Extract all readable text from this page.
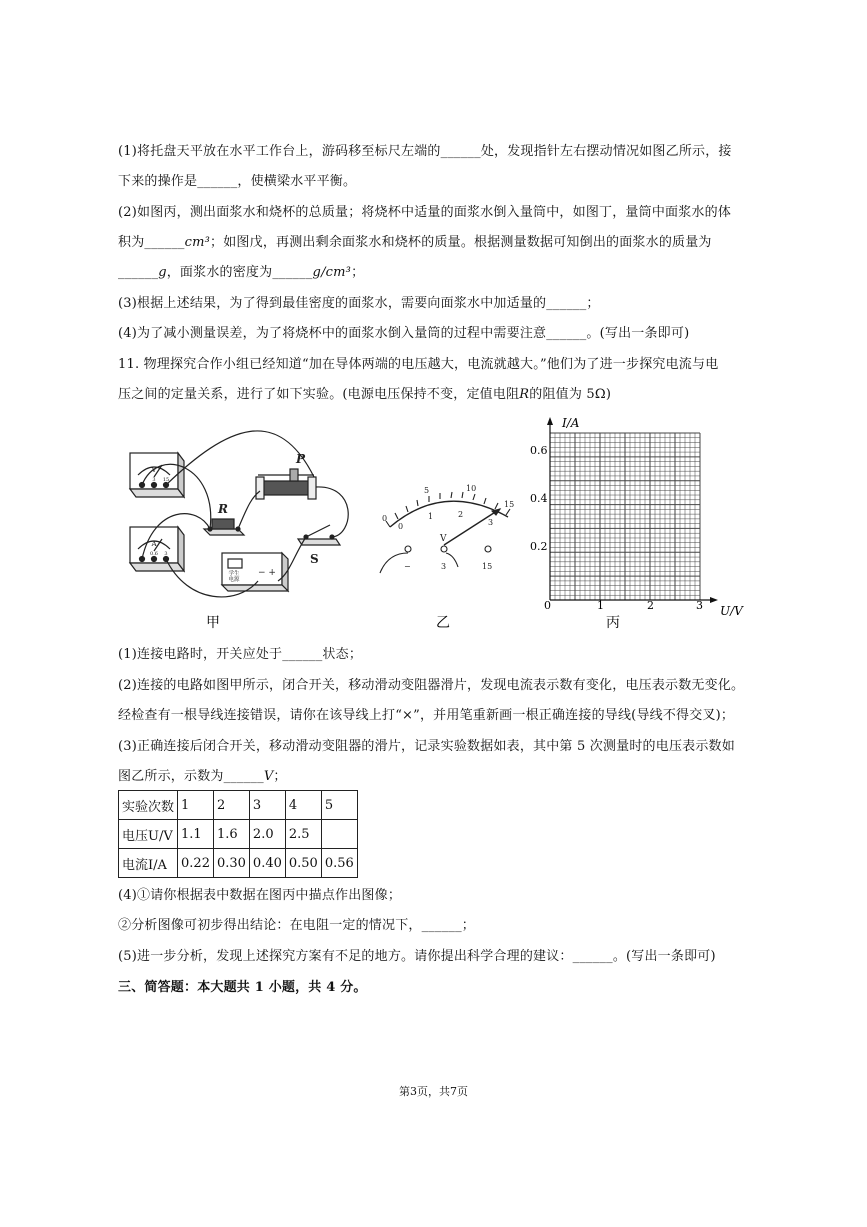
(1)将托盘天平放在水平工作台上，游码移至标尺左端的______处，发现指针左右摆动情况如图乙所示，接
下来的操作是______，使横梁水平平衡。
(2)如图丙，测出面浆水和烧杯的总质量；将烧杯中适量的面浆水倒入量筒中，如图丁，量筒中面浆水的体
积为______cm³；如图戊，再测出剩余面浆水和烧杯的质量。根据测量数据可知倒出的面浆水的质量为
______g，面浆水的密度为______g/cm³；
(3)根据上述结果，为了得到最佳密度的面浆水，需要向面浆水中加适量的______；
(4)为了减小测量误差，为了将烧杯中的面浆水倒入量筒的过程中需要注意______。(写出一条即可)
11. 物理探究合作小组已经知道“加在导体两端的电压越大，电流就越大。”他们为了进一步探究电流与电
压之间的定量关系，进行了如下实验。(电源电压保持不变，定值电阻R的阻值为 5Ω)
V
3 15
A
0.6 3
R
P
学生
电源
− +
S
甲
0
5	10
15
0
1	2
3
V
−	3	15
乙
I/A
U/V
0.6
0.4
0.2
0	1	2	3
丙
(1)连接电路时，开关应处于______状态；
(2)连接的电路如图甲所示，闭合开关，移动滑动变阻器滑片，发现电流表示数有变化，电压表示数无变化。
经检查有一根导线连接错误，请你在该导线上打“×”，并用笔重新画一根正确连接的导线(导线不得交叉)；
(3)正确连接后闭合开关，移动滑动变阻器的滑片，记录实验数据如表，其中第 5 次测量时的电压表示数如
图乙所示，示数为______V；
实验次数	1	2	3	4	5
电压U/V	1.1	1.6	2.0	2.5	
电流I/A	0.22	0.30	0.40	0.50	0.56
(4)①请你根据表中数据在图丙中描点作出图像；
②分析图像可初步得出结论：在电阻一定的情况下，______；
(5)进一步分析，发现上述探究方案有不足的地方。请你提出科学合理的建议：______。(写出一条即可)
三、简答题：本大题共 1 小题，共 4 分。
第3页，共7页
